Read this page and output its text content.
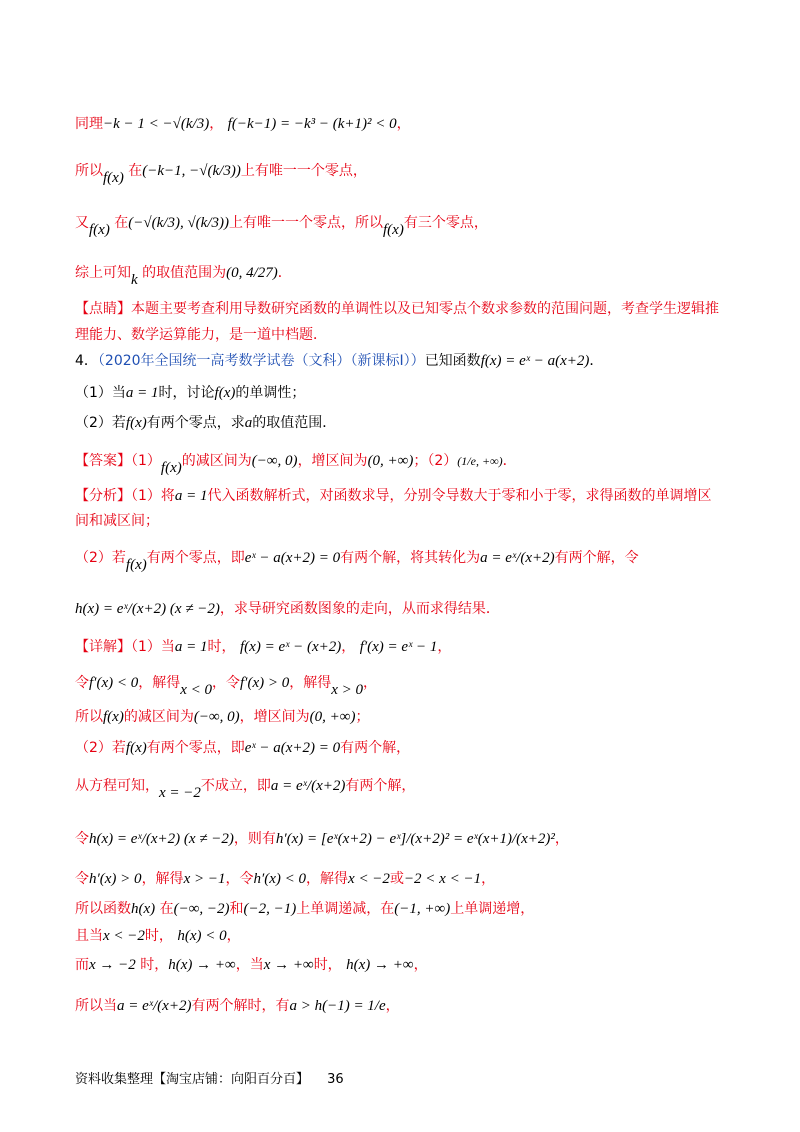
同理−k − 1 < −√(k/3)， f(−k−1) = −k³ − (k+1)² < 0，
所以f(x) 在(−k−1, −√(k/3))上有唯一一个零点，
又f(x) 在(−√(k/3), √(k/3))上有唯一一个零点，所以f(x)有三个零点，
综上可知k 的取值范围为(0, 4/27)．
【点睛】本题主要考查利用导数研究函数的单调性以及已知零点个数求参数的范围问题，考查学生逻辑推理能力、数学运算能力，是一道中档题．
4．（2020年全国统一高考数学试卷（文科）（新课标Ⅰ））已知函数f(x) = eˣ − a(x+2)．
（1）当a = 1时，讨论f(x)的单调性；
（2）若f(x)有两个零点，求a的取值范围．
【答案】（1）f(x)的减区间为(−∞, 0)，增区间为(0, +∞)；（2）(1/e, +∞)．
【分析】（1）将a = 1代入函数解析式，对函数求导，分别令导数大于零和小于零，求得函数的单调增区
间和减区间；
（2）若f(x)有两个零点，即eˣ − a(x+2) = 0有两个解，将其转化为a = eˣ/(x+2)有两个解，令
h(x) = eˣ/(x+2) (x ≠ −2)，求导研究函数图象的走向，从而求得结果．
【详解】（1）当a = 1时， f(x) = eˣ − (x+2)， f′(x) = eˣ − 1，
令f′(x) < 0，解得x < 0，令f′(x) > 0，解得x > 0，
所以f(x)的减区间为(−∞, 0)，增区间为(0, +∞)；
（2）若f(x)有两个零点，即eˣ − a(x+2) = 0有两个解，
从方程可知，x = −2不成立，即a = eˣ/(x+2)有两个解，
令h(x) = eˣ/(x+2) (x ≠ −2)，则有h′(x) = [eˣ(x+2) − eˣ]/(x+2)² = eˣ(x+1)/(x+2)²，
令h′(x) > 0，解得x > −1，令h′(x) < 0，解得x < −2或−2 < x < −1，
所以函数h(x) 在(−∞, −2)和(−2, −1)上单调递减，在(−1, +∞)上单调递增，
且当x < −2时， h(x) < 0，
而x → −2 时，h(x) → +∞，当x → +∞时， h(x) → +∞，
所以当a = eˣ/(x+2)有两个解时，有a > h(−1) = 1/e，
资料收集整理【淘宝店铺：向阳百分百】 36
